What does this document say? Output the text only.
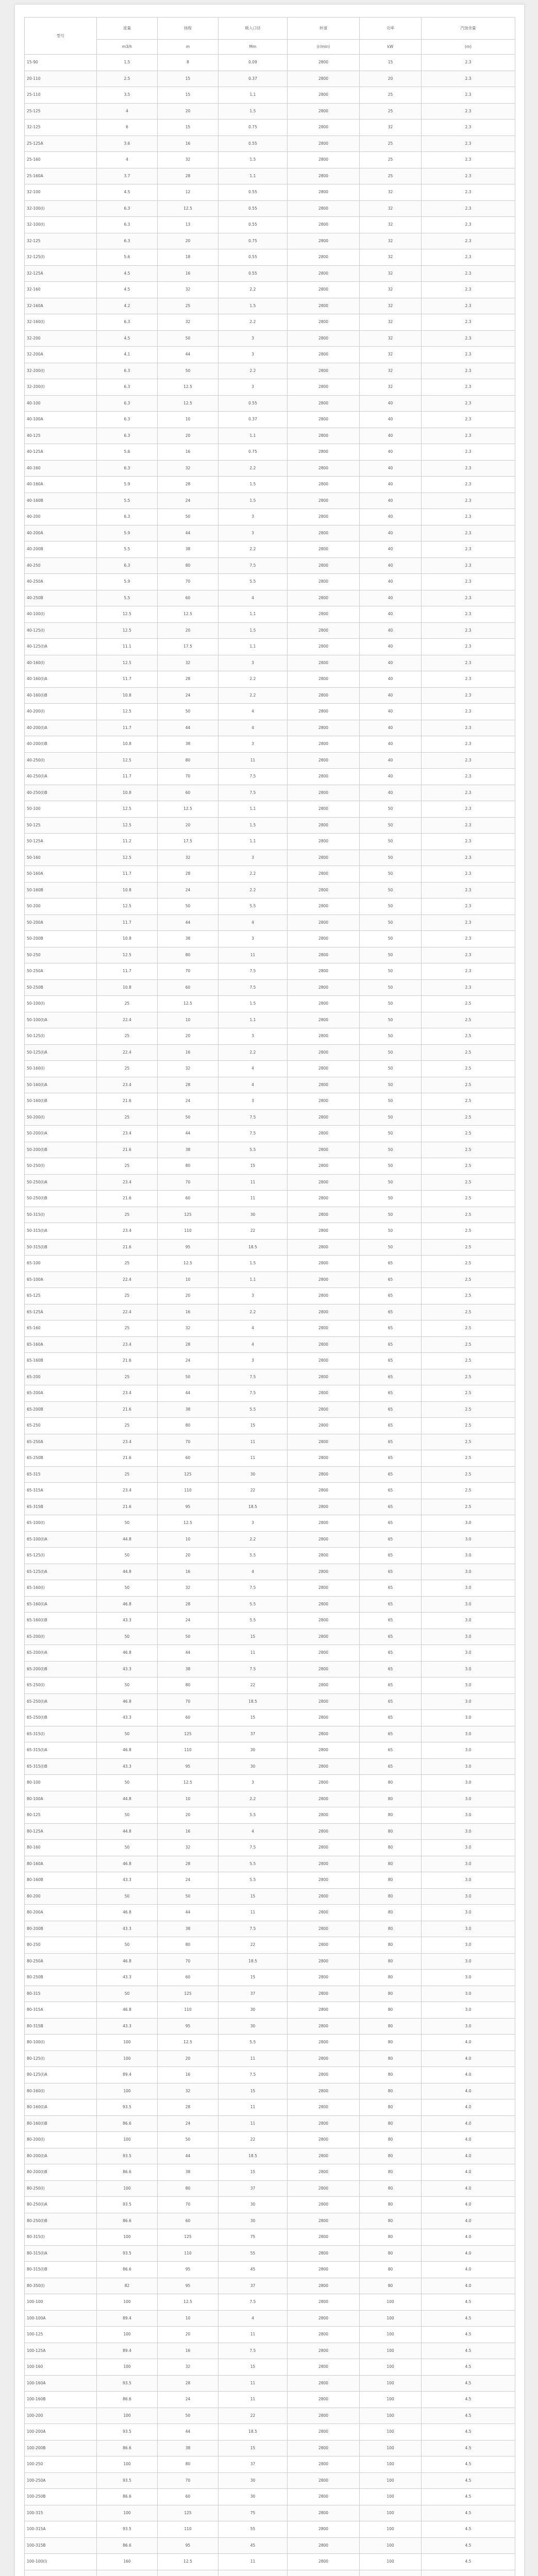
型号	流量	扬程	吸入口径	转速	功率	汽蚀余量
	m3/h	m	Mm	(r/min)	kW	(m)
15-90	1.5	8	0.09	2800	15	2.3
20-110	2.5	15	0.37	2800	20	2.3
25-110	3.5	15	1.1	2800	25	2.3
25-125	4	20	1.5	2800	25	2.3
32-125	6	15	0.75	2800	32	2.3
25-125A	3.6	16	0.55	2800	25	2.3
25-160	4	32	1.5	2800	25	2.3
25-160A	3.7	28	1.1	2800	25	2.3
32-100	4.5	12	0.55	2800	32	2.3
32-100(I)	6.3	12.5	0.55	2800	32	2.3
32-100(I)	6.3	13	0.55	2800	32	2.3
32-125	6.3	20	0.75	2800	32	2.3
32-125(I)	5.6	18	0.55	2800	32	2.3
32-125A	4.5	16	0.55	2800	32	2.3
32-160	4.5	32	2.2	2800	32	2.3
32-160A	4.2	25	1.5	2800	32	2.3
32-160(I)	6.3	32	2.2	2800	32	2.3
32-200	4.5	50	3	2800	32	2.3
32-200A	4.1	44	3	2800	32	2.3
32-200(I)	6.3	50	2.2	2800	32	2.3
32-200(I)	6.3	12.5	3	2800	32	2.3
40-100	6.3	12.5	0.55	2800	40	2.3
40-100A	6.3	10	0.37	2800	40	2.3
40-125	6.3	20	1.1	2800	40	2.3
40-125A	5.6	16	0.75	2800	40	2.3
40-160	6.3	32	2.2	2800	40	2.3
40-160A	5.9	28	1.5	2800	40	2.3
40-160B	5.5	24	1.5	2800	40	2.3
40-200	6.3	50	3	2800	40	2.3
40-200A	5.9	44	3	2800	40	2.3
40-200B	5.5	38	2.2	2800	40	2.3
40-250	6.3	80	7.5	2800	40	2.3
40-250A	5.9	70	5.5	2800	40	2.3
40-250B	5.5	60	4	2800	40	2.3
40-100(I)	12.5	12.5	1.1	2800	40	2.3
40-125(I)	12.5	20	1.5	2800	40	2.3
40-125(I)A	11.1	17.5	1.1	2800	40	2.3
40-160(I)	12.5	32	3	2800	40	2.3
40-160(I)A	11.7	28	2.2	2800	40	2.3
40-160(I)B	10.8	24	2.2	2800	40	2.3
40-200(I)	12.5	50	4	2800	40	2.3
40-200(I)A	11.7	44	4	2800	40	2.3
40-200(I)B	10.8	38	3	2800	40	2.3
40-250(I)	12.5	80	11	2800	40	2.3
40-250(I)A	11.7	70	7.5	2800	40	2.3
40-250(I)B	10.8	60	7.5	2800	40	2.3
50-100	12.5	12.5	1.1	2800	50	2.3
50-125	12.5	20	1.5	2800	50	2.3
50-125A	11.2	17.5	1.1	2800	50	2.3
50-160	12.5	32	3	2800	50	2.3
50-160A	11.7	28	2.2	2800	50	2.3
50-160B	10.8	24	2.2	2800	50	2.3
50-200	12.5	50	5.5	2800	50	2.3
50-200A	11.7	44	4	2800	50	2.3
50-200B	10.8	38	3	2800	50	2.3
50-250	12.5	80	11	2800	50	2.3
50-250A	11.7	70	7.5	2800	50	2.3
50-250B	10.8	60	7.5	2800	50	2.3
50-100(I)	25	12.5	1.5	2800	50	2.5
50-100(I)A	22.4	10	1.1	2800	50	2.5
50-125(I)	25	20	3	2800	50	2.5
50-125(I)A	22.4	16	2.2	2800	50	2.5
50-160(I)	25	32	4	2800	50	2.5
50-160(I)A	23.4	28	4	2800	50	2.5
50-160(I)B	21.6	24	3	2800	50	2.5
50-200(I)	25	50	7.5	2800	50	2.5
50-200(I)A	23.4	44	7.5	2800	50	2.5
50-200(I)B	21.6	38	5.5	2800	50	2.5
50-250(I)	25	80	15	2800	50	2.5
50-250(I)A	23.4	70	11	2800	50	2.5
50-250(I)B	21.6	60	11	2800	50	2.5
50-315(I)	25	125	30	2800	50	2.5
50-315(I)A	23.4	110	22	2800	50	2.5
50-315(I)B	21.6	95	18.5	2800	50	2.5
65-100	25	12.5	1.5	2800	65	2.5
65-100A	22.4	10	1.1	2800	65	2.5
65-125	25	20	3	2800	65	2.5
65-125A	22.4	16	2.2	2800	65	2.5
65-160	25	32	4	2800	65	2.5
65-160A	23.4	28	4	2800	65	2.5
65-160B	21.6	24	3	2800	65	2.5
65-200	25	50	7.5	2800	65	2.5
65-200A	23.4	44	7.5	2800	65	2.5
65-200B	21.6	38	5.5	2800	65	2.5
65-250	25	80	15	2800	65	2.5
65-250A	23.4	70	11	2800	65	2.5
65-250B	21.6	60	11	2800	65	2.5
65-315	25	125	30	2800	65	2.5
65-315A	23.4	110	22	2800	65	2.5
65-315B	21.6	95	18.5	2800	65	2.5
65-100(I)	50	12.5	3	2800	65	3.0
65-100(I)A	44.8	10	2.2	2800	65	3.0
65-125(I)	50	20	5.5	2800	65	3.0
65-125(I)A	44.8	16	4	2800	65	3.0
65-160(I)	50	32	7.5	2800	65	3.0
65-160(I)A	46.8	28	5.5	2800	65	3.0
65-160(I)B	43.3	24	5.5	2800	65	3.0
65-200(I)	50	50	15	2800	65	3.0
65-200(I)A	46.8	44	11	2800	65	3.0
65-200(I)B	43.3	38	7.5	2800	65	3.0
65-250(I)	50	80	22	2800	65	3.0
65-250(I)A	46.8	70	18.5	2800	65	3.0
65-250(I)B	43.3	60	15	2800	65	3.0
65-315(I)	50	125	37	2800	65	3.0
65-315(I)A	46.8	110	30	2800	65	3.0
65-315(I)B	43.3	95	30	2800	65	3.0
80-100	50	12.5	3	2800	80	3.0
80-100A	44.8	10	2.2	2800	80	3.0
80-125	50	20	5.5	2800	80	3.0
80-125A	44.8	16	4	2800	80	3.0
80-160	50	32	7.5	2800	80	3.0
80-160A	46.8	28	5.5	2800	80	3.0
80-160B	43.3	24	5.5	2800	80	3.0
80-200	50	50	15	2800	80	3.0
80-200A	46.8	44	11	2800	80	3.0
80-200B	43.3	38	7.5	2800	80	3.0
80-250	50	80	22	2800	80	3.0
80-250A	46.8	70	18.5	2800	80	3.0
80-250B	43.3	60	15	2800	80	3.0
80-315	50	125	37	2800	80	3.0
80-315A	46.8	110	30	2800	80	3.0
80-315B	43.3	95	30	2800	80	3.0
80-100(I)	100	12.5	5.5	2800	80	4.0
80-125(I)	100	20	11	2800	80	4.0
80-125(I)A	89.4	16	7.5	2800	80	4.0
80-160(I)	100	32	15	2800	80	4.0
80-160(I)A	93.5	28	11	2800	80	4.0
80-160(I)B	86.6	24	11	2800	80	4.0
80-200(I)	100	50	22	2800	80	4.0
80-200(I)A	93.5	44	18.5	2800	80	4.0
80-200(I)B	86.6	38	15	2800	80	4.0
80-250(I)	100	80	37	2800	80	4.0
80-250(I)A	93.5	70	30	2800	80	4.0
80-250(I)B	86.6	60	30	2800	80	4.0
80-315(I)	100	125	75	2800	80	4.0
80-315(I)A	93.5	110	55	2800	80	4.0
80-315(I)B	86.6	95	45	2800	80	4.0
80-350(I)	82	95	37	2800	80	4.0
100-100	100	12.5	7.5	2800	100	4.5
100-100A	89.4	10	4	2800	100	4.5
100-125	100	20	11	2800	100	4.5
100-125A	89.4	16	7.5	2800	100	4.5
100-160	100	32	15	2800	100	4.5
100-160A	93.5	28	11	2800	100	4.5
100-160B	86.6	24	11	2800	100	4.5
100-200	100	50	22	2800	100	4.5
100-200A	93.5	44	18.5	2800	100	4.5
100-200B	86.6	38	15	2800	100	4.5
100-250	100	80	37	2800	100	4.5
100-250A	93.5	70	30	2800	100	4.5
100-250B	86.6	60	30	2800	100	4.5
100-315	100	125	75	2800	100	4.5
100-315A	93.5	110	55	2800	100	4.5
100-315B	86.6	95	45	2800	100	4.5
100-100(I)	160	12.5	11	2800	100	4.5
